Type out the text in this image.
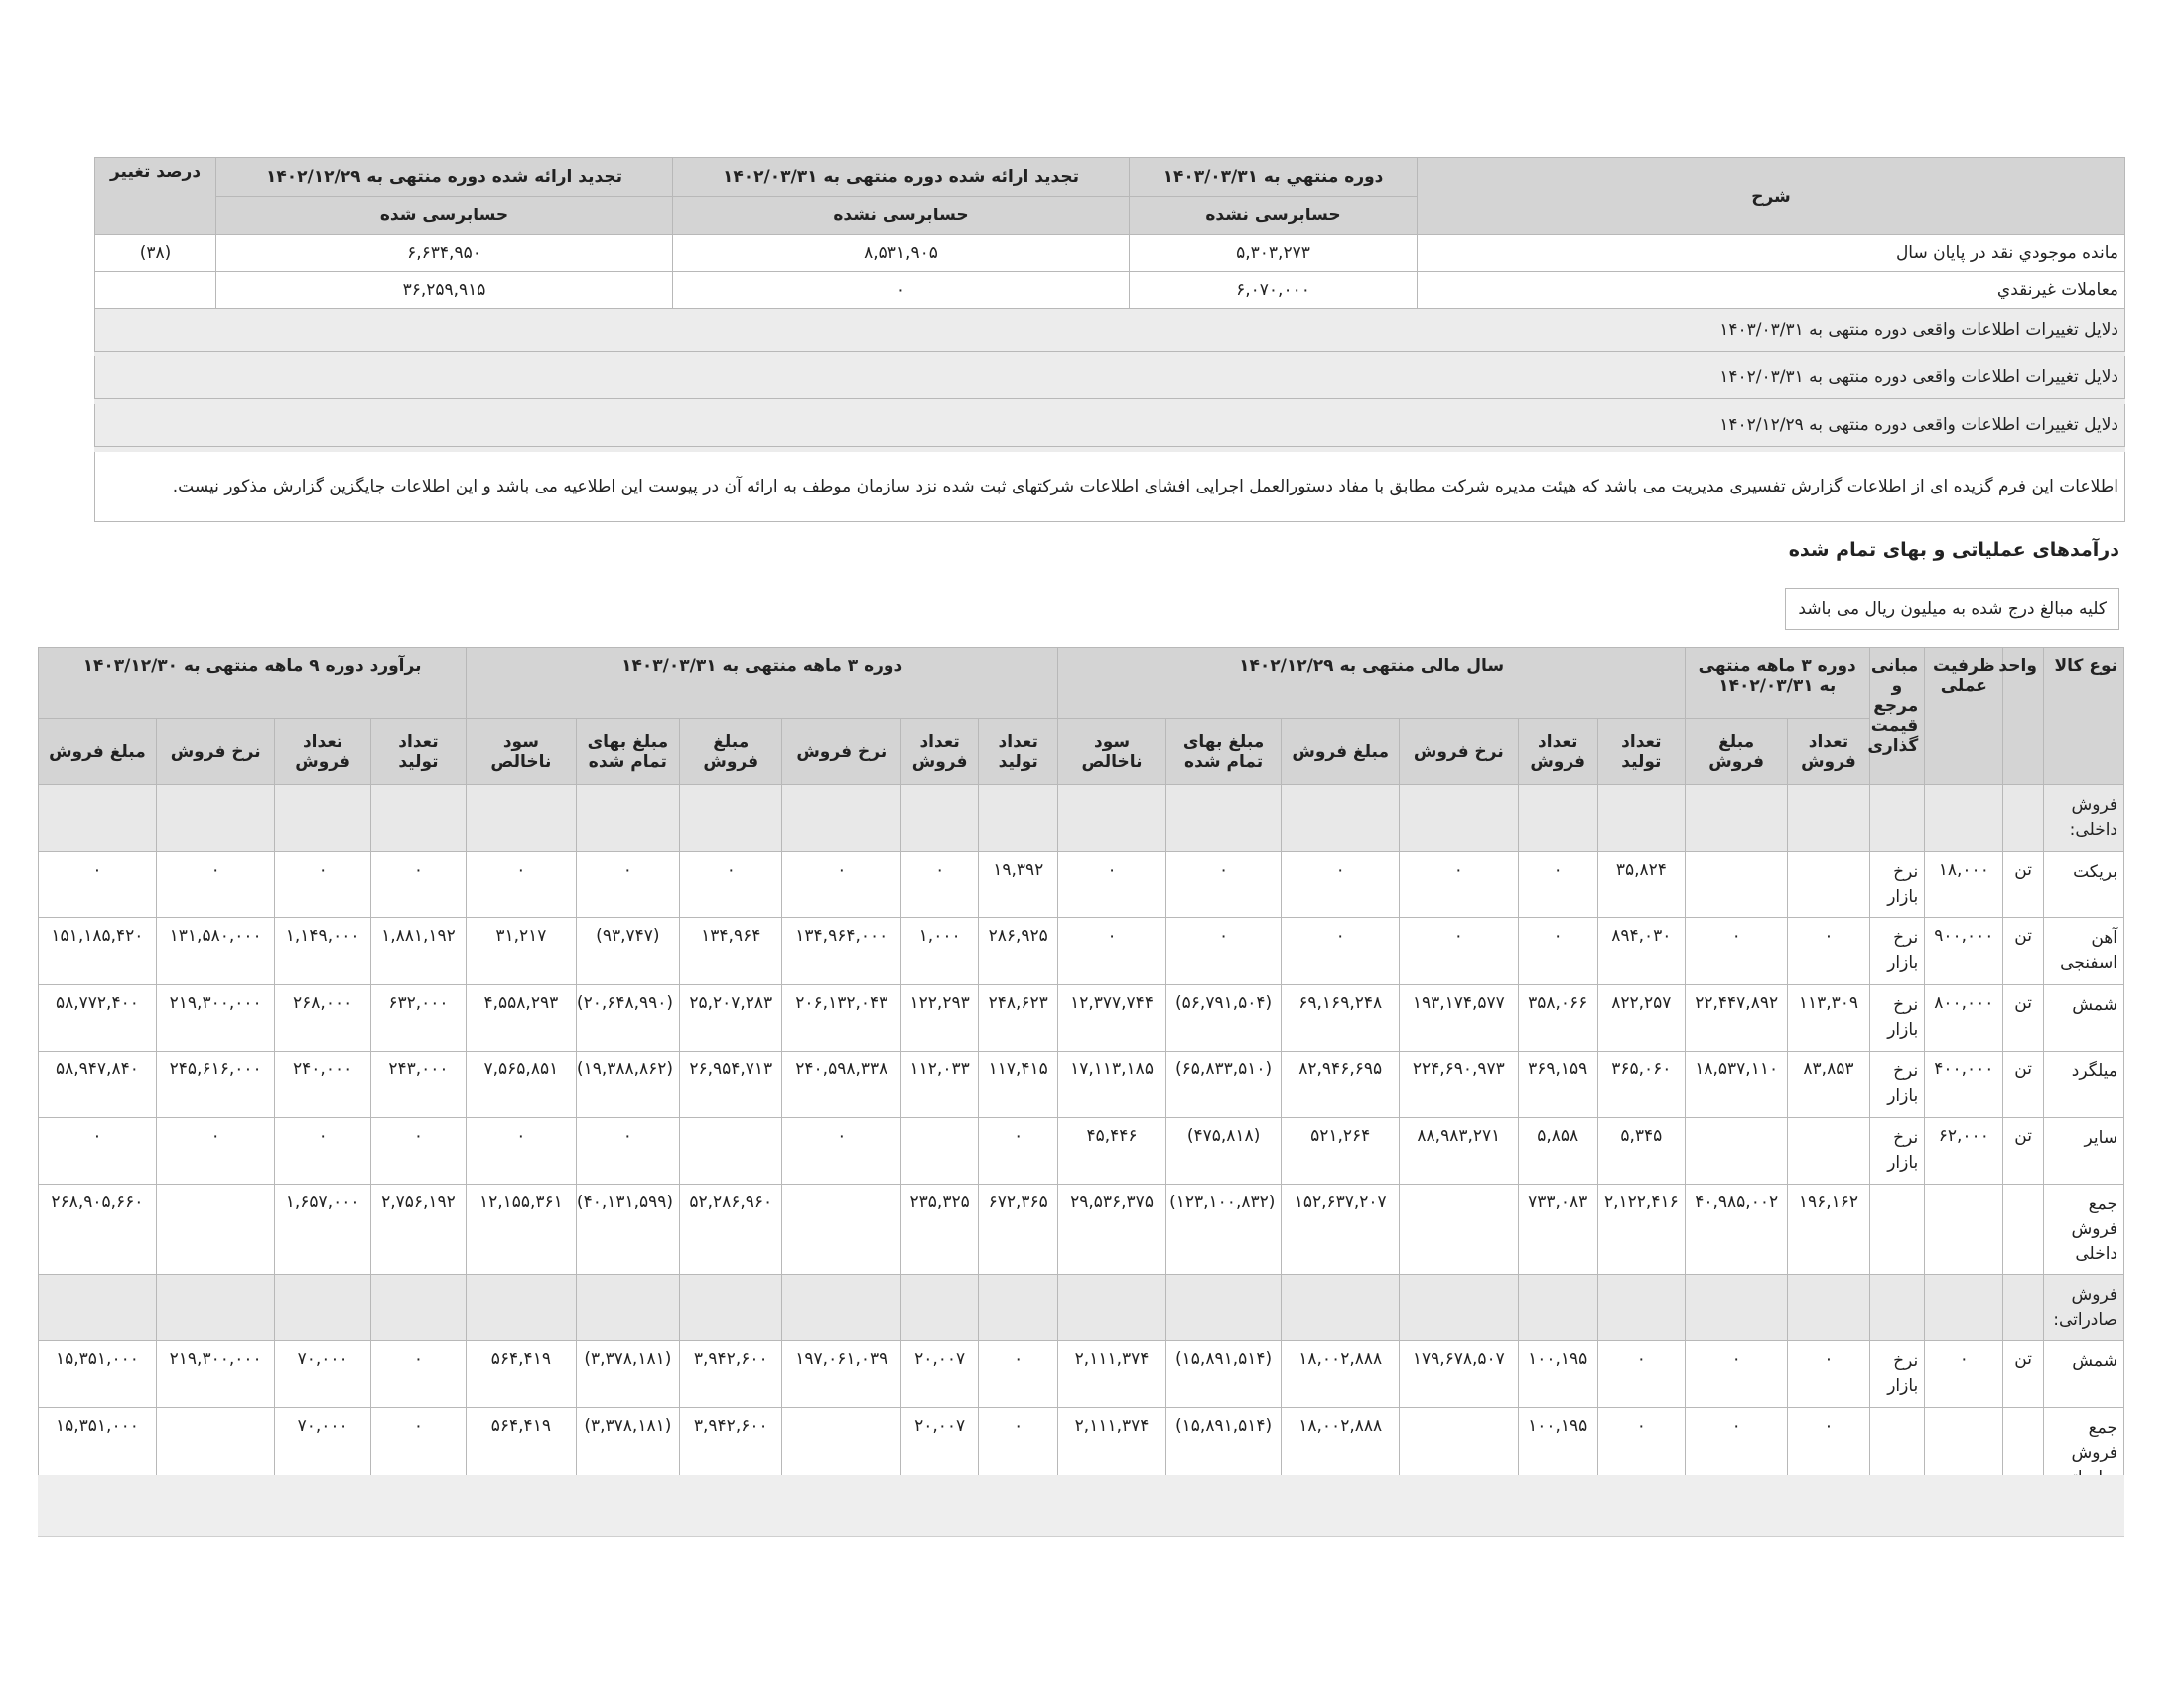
شرح	دوره منتهي به ۱۴۰۳/۰۳/۳۱	تجدید ارائه شده دوره منتهی به ۱۴۰۲/۰۳/۳۱	تجدید ارائه شده دوره منتهی به ۱۴۰۲/۱۲/۲۹	درصد تغییر
	حسابرسی نشده	حسابرسی نشده	حسابرسی شده	
مانده موجودي نقد در پايان سال	۵,۳۰۳,۲۷۳	۸,۵۳۱,۹۰۵	۶,۶۳۴,۹۵۰	(۳۸)
معاملات غيرنقدي	۶,۰۷۰,۰۰۰	۰	۳۶,۲۵۹,۹۱۵	
دلایل تغییرات اطلاعات واقعی دوره منتهی به ۱۴۰۳/۰۳/۳۱				

دلایل تغییرات اطلاعات واقعی دوره منتهی به ۱۴۰۲/۰۳/۳۱				

دلایل تغییرات اطلاعات واقعی دوره منتهی به ۱۴۰۲/۱۲/۲۹				

اطلاعات این فرم گزیده ای از اطلاعات گزارش تفسیری مدیریت می باشد که هیئت مدیره شرکت مطابق با مفاد دستورالعمل اجرایی افشای اطلاعات شرکتهای ثبت شده نزد سازمان موطف به ارائه آن در پیوست این اطلاعیه می باشد و این اطلاعات جایگزین گزارش مذکور نیست.				
درآمدهای عملیاتی و بهای تمام شده
کلیه مبالغ درج شده به میلیون ریال می باشد
نوع کالا	واحد	ظرفیت عملی	مبانی و مرجع قیمت گذاری	دوره ۳ ماهه منتهی به ۱۴۰۲/۰۳/۳۱		سال مالی منتهی به ۱۴۰۲/۱۲/۲۹						دوره ۳ ماهه منتهی به ۱۴۰۳/۰۳/۳۱						برآورد دوره ۹ ماهه منتهی به ۱۴۰۳/۱۲/۳۰			
				تعداد فروش	مبلغ فروش	تعداد تولید	تعداد فروش	نرخ فروش	مبلغ فروش	مبلغ بهای تمام شده	سود ناخالص	تعداد تولید	تعداد فروش	نرخ فروش	مبلغ فروش	مبلغ بهای تمام شده	سود ناخالص	تعداد تولید	تعداد فروش	نرخ فروش	مبلغ فروش
فروش داخلی:																					
بریکت	تن	۱۸,۰۰۰	نرخ بازار			۳۵,۸۲۴	۰	۰	۰	۰	۰	۱۹,۳۹۲	۰	۰	۰	۰	۰	۰	۰	۰	۰
آهن اسفنجی	تن	۹۰۰,۰۰۰	نرخ بازار	۰	۰	۸۹۴,۰۳۰	۰	۰	۰	۰	۰	۲۸۶,۹۲۵	۱,۰۰۰	۱۳۴,۹۶۴,۰۰۰	۱۳۴,۹۶۴	(۹۳,۷۴۷)	۳۱,۲۱۷	۱,۸۸۱,۱۹۲	۱,۱۴۹,۰۰۰	۱۳۱,۵۸۰,۰۰۰	۱۵۱,۱۸۵,۴۲۰
شمش	تن	۸۰۰,۰۰۰	نرخ بازار	۱۱۳,۳۰۹	۲۲,۴۴۷,۸۹۲	۸۲۲,۲۵۷	۳۵۸,۰۶۶	۱۹۳,۱۷۴,۵۷۷	۶۹,۱۶۹,۲۴۸	(۵۶,۷۹۱,۵۰۴)	۱۲,۳۷۷,۷۴۴	۲۴۸,۶۲۳	۱۲۲,۲۹۳	۲۰۶,۱۳۲,۰۴۳	۲۵,۲۰۷,۲۸۳	(۲۰,۶۴۸,۹۹۰)	۴,۵۵۸,۲۹۳	۶۳۲,۰۰۰	۲۶۸,۰۰۰	۲۱۹,۳۰۰,۰۰۰	۵۸,۷۷۲,۴۰۰
میلگرد	تن	۴۰۰,۰۰۰	نرخ بازار	۸۳,۸۵۳	۱۸,۵۳۷,۱۱۰	۳۶۵,۰۶۰	۳۶۹,۱۵۹	۲۲۴,۶۹۰,۹۷۳	۸۲,۹۴۶,۶۹۵	(۶۵,۸۳۳,۵۱۰)	۱۷,۱۱۳,۱۸۵	۱۱۷,۴۱۵	۱۱۲,۰۳۳	۲۴۰,۵۹۸,۳۳۸	۲۶,۹۵۴,۷۱۳	(۱۹,۳۸۸,۸۶۲)	۷,۵۶۵,۸۵۱	۲۴۳,۰۰۰	۲۴۰,۰۰۰	۲۴۵,۶۱۶,۰۰۰	۵۸,۹۴۷,۸۴۰
سایر	تن	۶۲,۰۰۰	نرخ بازار			۵,۳۴۵	۵,۸۵۸	۸۸,۹۸۳,۲۷۱	۵۲۱,۲۶۴	(۴۷۵,۸۱۸)	۴۵,۴۴۶	۰		۰		۰	۰	۰	۰	۰	۰
جمع فروش داخلی				۱۹۶,۱۶۲	۴۰,۹۸۵,۰۰۲	۲,۱۲۲,۴۱۶	۷۳۳,۰۸۳		۱۵۲,۶۳۷,۲۰۷	(۱۲۳,۱۰۰,۸۳۲)	۲۹,۵۳۶,۳۷۵	۶۷۲,۳۶۵	۲۳۵,۳۲۵		۵۲,۲۸۶,۹۶۰	(۴۰,۱۳۱,۵۹۹)	۱۲,۱۵۵,۳۶۱	۲,۷۵۶,۱۹۲	۱,۶۵۷,۰۰۰		۲۶۸,۹۰۵,۶۶۰
فروش صادراتی:																					
شمش	تن	۰	نرخ بازار	۰	۰	۰	۱۰۰,۱۹۵	۱۷۹,۶۷۸,۵۰۷	۱۸,۰۰۲,۸۸۸	(۱۵,۸۹۱,۵۱۴)	۲,۱۱۱,۳۷۴	۰	۲۰,۰۰۷	۱۹۷,۰۶۱,۰۳۹	۳,۹۴۲,۶۰۰	(۳,۳۷۸,۱۸۱)	۵۶۴,۴۱۹	۰	۷۰,۰۰۰	۲۱۹,۳۰۰,۰۰۰	۱۵,۳۵۱,۰۰۰
جمع فروش				۰	۰	۰	۱۰۰,۱۹۵		۱۸,۰۰۲,۸۸۸	(۱۵,۸۹۱,۵۱۴)	۲,۱۱۱,۳۷۴	۰	۲۰,۰۰۷		۳,۹۴۲,۶۰۰	(۳,۳۷۸,۱۸۱)	۵۶۴,۴۱۹	۰	۷۰,۰۰۰		۱۵,۳۵۱,۰۰۰
